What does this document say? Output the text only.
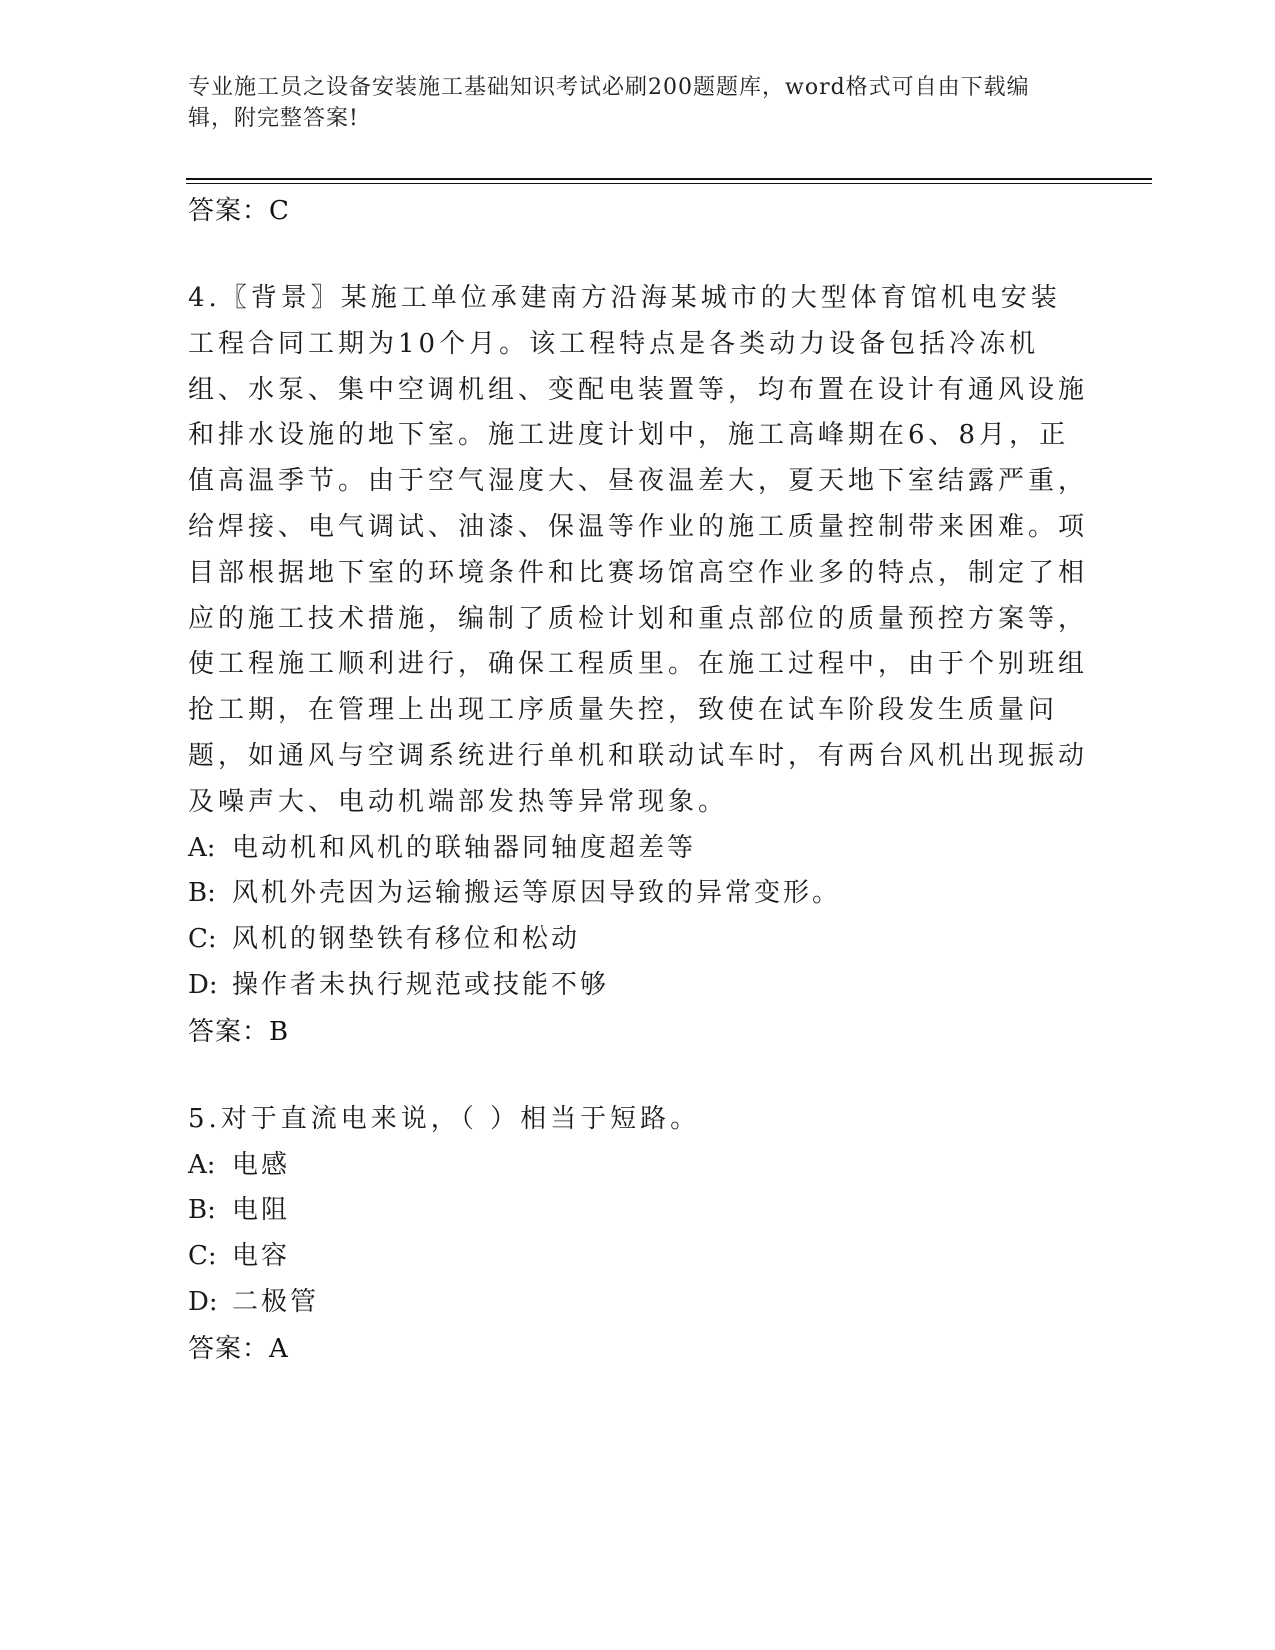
专业施工员之设备安装施工基础知识考试必刷200题题库，word格式可自由下载编辑，附完整答案!
答案：C

4.〖背景〗某施工单位承建南方沿海某城市的大型体育馆机电安装工程合同工期为10个月。该工程特点是各类动力设备包括冷冻机组、水泵、集中空调机组、变配电装置等，均布置在设计有通风设施和排水设施的地下室。施工进度计划中，施工高峰期在6、8月，正值高温季节。由于空气湿度大、昼夜温差大，夏天地下室结露严重，给焊接、电气调试、油漆、保温等作业的施工质量控制带来困难。项目部根据地下室的环境条件和比赛场馆高空作业多的特点，制定了相应的施工技术措施，编制了质检计划和重点部位的质量预控方案等，使工程施工顺利进行，确保工程质里。在施工过程中，由于个别班组抢工期，在管理上出现工序质量失控，致使在试车阶段发生质量问题，如通风与空调系统进行单机和联动试车时，有两台风机出现振动及噪声大、电动机端部发热等异常现象。

A: 电动机和风机的联轴器同轴度超差等
B: 风机外壳因为运输搬运等原因导致的异常变形。
C: 风机的钢垫铁有移位和松动
D: 操作者未执行规范或技能不够
答案：B

5.对于直流电来说，（ ）相当于短路。

A: 电感
B: 电阻
C: 电容
D: 二极管
答案：A
